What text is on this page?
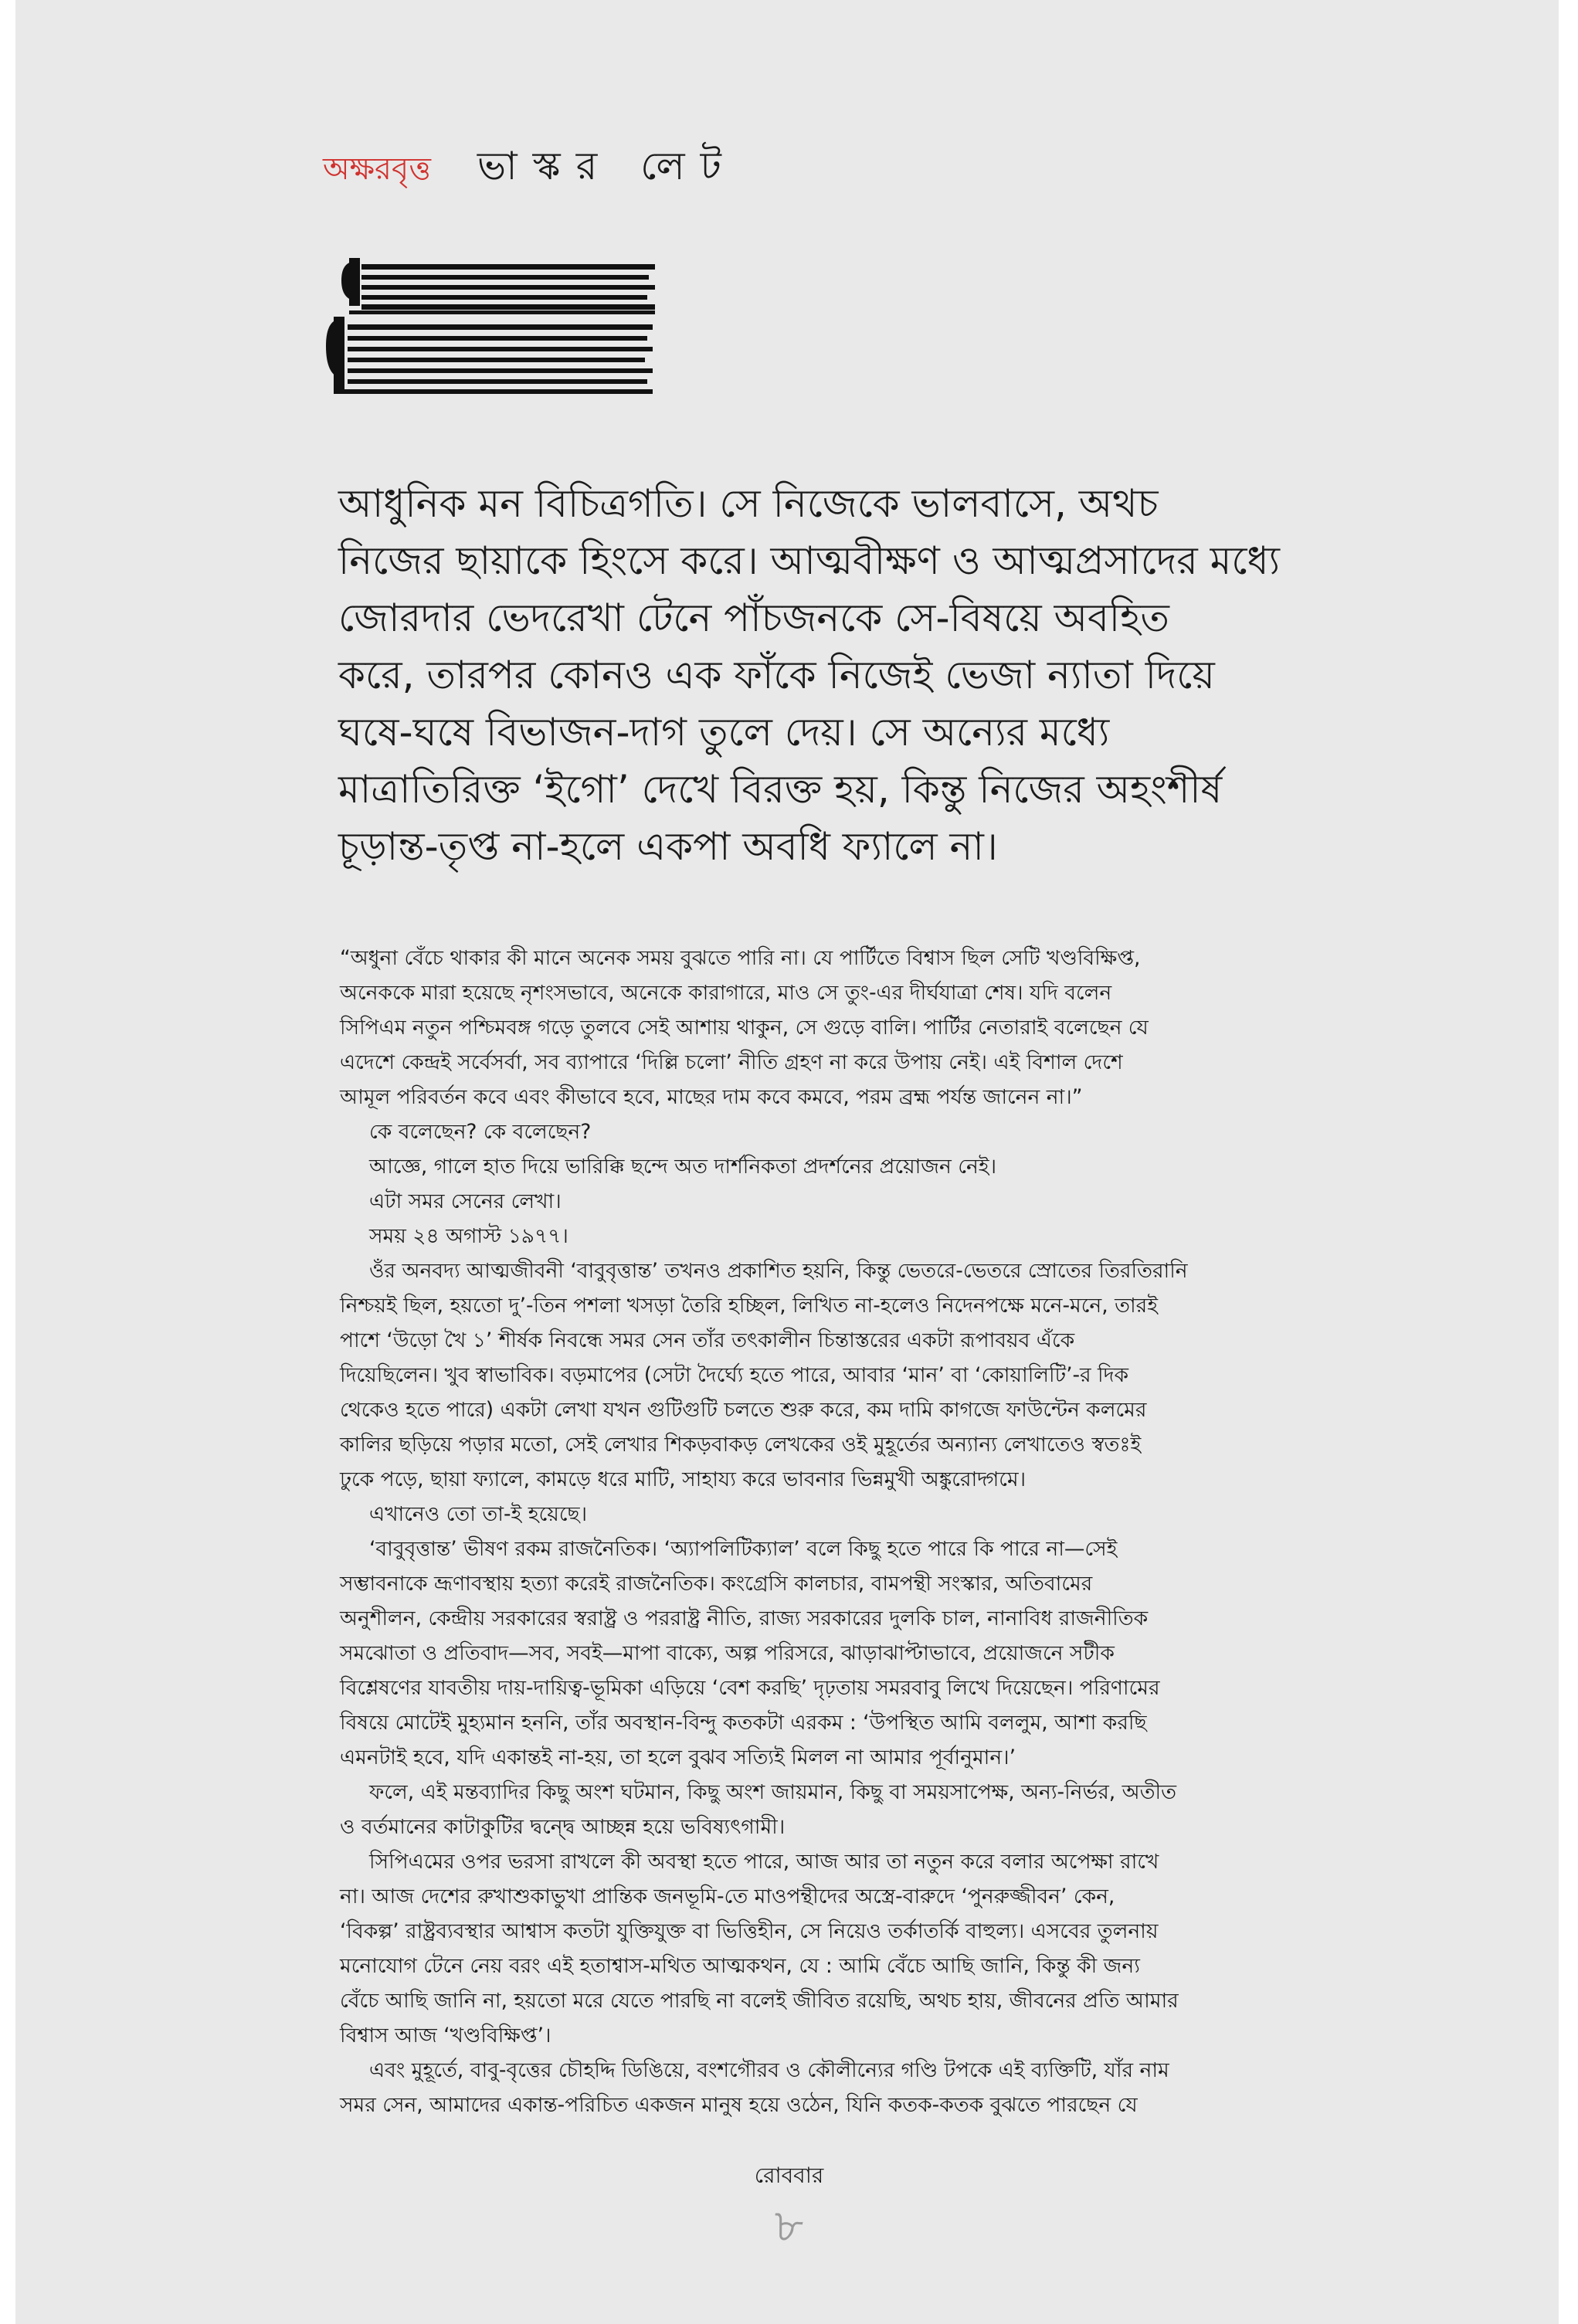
অক্ষরবৃত্ত ভাস্কর লেট

আধুনিক মন বিচিত্রগতি। সে নিজেকে ভালবাসে, অথচ
নিজের ছায়াকে হিংসে করে। আত্মবীক্ষণ ও আত্মপ্রসাদের মধ্যে
জোরদার ভেদরেখা টেনে পাঁচজনকে সে-বিষয়ে অবহিত
করে, তারপর কোনও এক ফাঁকে নিজেই ভেজা ন্যাতা দিয়ে
ঘষে-ঘষে বিভাজন-দাগ তুলে দেয়। সে অন্যের মধ্যে
মাত্রাতিরিক্ত ‘ইগো’ দেখে বিরক্ত হয়, কিন্তু নিজের অহংশীর্ষ
চূড়ান্ত-তৃপ্ত না-হলে একপা অবধি ফ্যালে না।

“অধুনা বেঁচে থাকার কী মানে অনেক সময় বুঝতে পারি না। যে পার্টিতে বিশ্বাস ছিল সেটি খণ্ডবিক্ষিপ্ত,
অনেককে মারা হয়েছে নৃশংসভাবে, অনেকে কারাগারে, মাও সে তুং-এর দীর্ঘযাত্রা শেষ। যদি বলেন
সিপিএম নতুন পশ্চিমবঙ্গ গড়ে তুলবে সেই আশায় থাকুন, সে গুড়ে বালি। পার্টির নেতারাই বলেছেন যে
এদেশে কেন্দ্রই সর্বেসর্বা, সব ব্যাপারে ‘দিল্লি চলো’ নীতি গ্রহণ না করে উপায় নেই। এই বিশাল দেশে
আমূল পরিবর্তন কবে এবং কীভাবে হবে, মাছের দাম কবে কমবে, পরম ব্রহ্ম পর্যন্ত জানেন না।”
কে বলেছেন? কে বলেছেন?
আজ্ঞে, গালে হাত দিয়ে ভারিক্কি ছন্দে অত দার্শনিকতা প্রদর্শনের প্রয়োজন নেই।
এটা সমর সেনের লেখা।
সময় ২৪ অগাস্ট ১৯৭৭।
ওঁর অনবদ্য আত্মজীবনী ‘বাবুবৃত্তান্ত’ তখনও প্রকাশিত হয়নি, কিন্তু ভেতরে-ভেতরে স্রোতের তিরতিরানি
নিশ্চয়ই ছিল, হয়তো দু’-তিন পশলা খসড়া তৈরি হচ্ছিল, লিখিত না-হলেও নিদেনপক্ষে মনে-মনে, তারই
পাশে ‘উড়ো খৈ ১’ শীর্ষক নিবন্ধে সমর সেন তাঁর তৎকালীন চিন্তাস্তরের একটা রূপাবয়ব এঁকে
দিয়েছিলেন। খুব স্বাভাবিক। বড়মাপের (সেটা দৈর্ঘ্যে হতে পারে, আবার ‘মান’ বা ‘কোয়ালিটি’-র দিক
থেকেও হতে পারে) একটা লেখা যখন গুটিগুটি চলতে শুরু করে, কম দামি কাগজে ফাউন্টেন কলমের
কালির ছড়িয়ে পড়ার মতো, সেই লেখার শিকড়বাকড় লেখকের ওই মুহূর্তের অন্যান্য লেখাতেও স্বতঃই
ঢুকে পড়ে, ছায়া ফ্যালে, কামড়ে ধরে মাটি, সাহায্য করে ভাবনার ভিন্নমুখী অঙ্কুরোদ্গমে।
এখানেও তো তা-ই হয়েছে।
‘বাবুবৃত্তান্ত’ ভীষণ রকম রাজনৈতিক। ‘অ্যাপলিটিক্যাল’ বলে কিছু হতে পারে কি পারে না—সেই
সম্ভাবনাকে ভ্রূণাবস্থায় হত্যা করেই রাজনৈতিক। কংগ্রেসি কালচার, বামপন্থী সংস্কার, অতিবামের
অনুশীলন, কেন্দ্রীয় সরকারের স্বরাষ্ট্র ও পররাষ্ট্র নীতি, রাজ্য সরকারের দুলকি চাল, নানাবিধ রাজনীতিক
সমঝোতা ও প্রতিবাদ—সব, সবই—মাপা বাক্যে, অল্প পরিসরে, ঝাড়াঝাপ্টাভাবে, প্রয়োজনে সটীক
বিশ্লেষণের যাবতীয় দায়-দায়িত্ব-ভূমিকা এড়িয়ে ‘বেশ করছি’ দৃঢ়তায় সমরবাবু লিখে দিয়েছেন। পরিণামের
বিষয়ে মোটেই মুহ্যমান হননি, তাঁর অবস্থান-বিন্দু কতকটা এরকম : ‘উপস্থিত আমি বললুম, আশা করছি
এমনটাই হবে, যদি একান্তই না-হয়, তা হলে বুঝব সত্যিই মিলল না আমার পূর্বানুমান।’
ফলে, এই মন্তব্যাদির কিছু অংশ ঘটমান, কিছু অংশ জায়মান, কিছু বা সময়সাপেক্ষ, অন্য-নির্ভর, অতীত
ও বর্তমানের কাটাকুটির দ্বন্দ্বে আচ্ছন্ন হয়ে ভবিষ্যৎগামী।
সিপিএমের ওপর ভরসা রাখলে কী অবস্থা হতে পারে, আজ আর তা নতুন করে বলার অপেক্ষা রাখে
না। আজ দেশের রুখাশুকাভুখা প্রান্তিক জনভূমি-তে মাওপন্থীদের অস্ত্রে-বারুদে ‘পুনরুজ্জীবন’ কেন,
‘বিকল্প’ রাষ্ট্রব্যবস্থার আশ্বাস কতটা যুক্তিযুক্ত বা ভিত্তিহীন, সে নিয়েও তর্কাতর্কি বাহুল্য। এসবের তুলনায়
মনোযোগ টেনে নেয় বরং এই হতাশ্বাস-মথিত আত্মকথন, যে : আমি বেঁচে আছি জানি, কিন্তু কী জন্য
বেঁচে আছি জানি না, হয়তো মরে যেতে পারছি না বলেই জীবিত রয়েছি, অথচ হায়, জীবনের প্রতি আমার
বিশ্বাস আজ ‘খণ্ডবিক্ষিপ্ত’।
এবং মুহূর্তে, বাবু-বৃত্তের চৌহদ্দি ডিঙিয়ে, বংশগৌরব ও কৌলীন্যের গণ্ডি টপকে এই ব্যক্তিটি, যাঁর নাম
সমর সেন, আমাদের একান্ত-পরিচিত একজন মানুষ হয়ে ওঠেন, যিনি কতক-কতক বুঝতে পারছেন যে
রোববার
৮
